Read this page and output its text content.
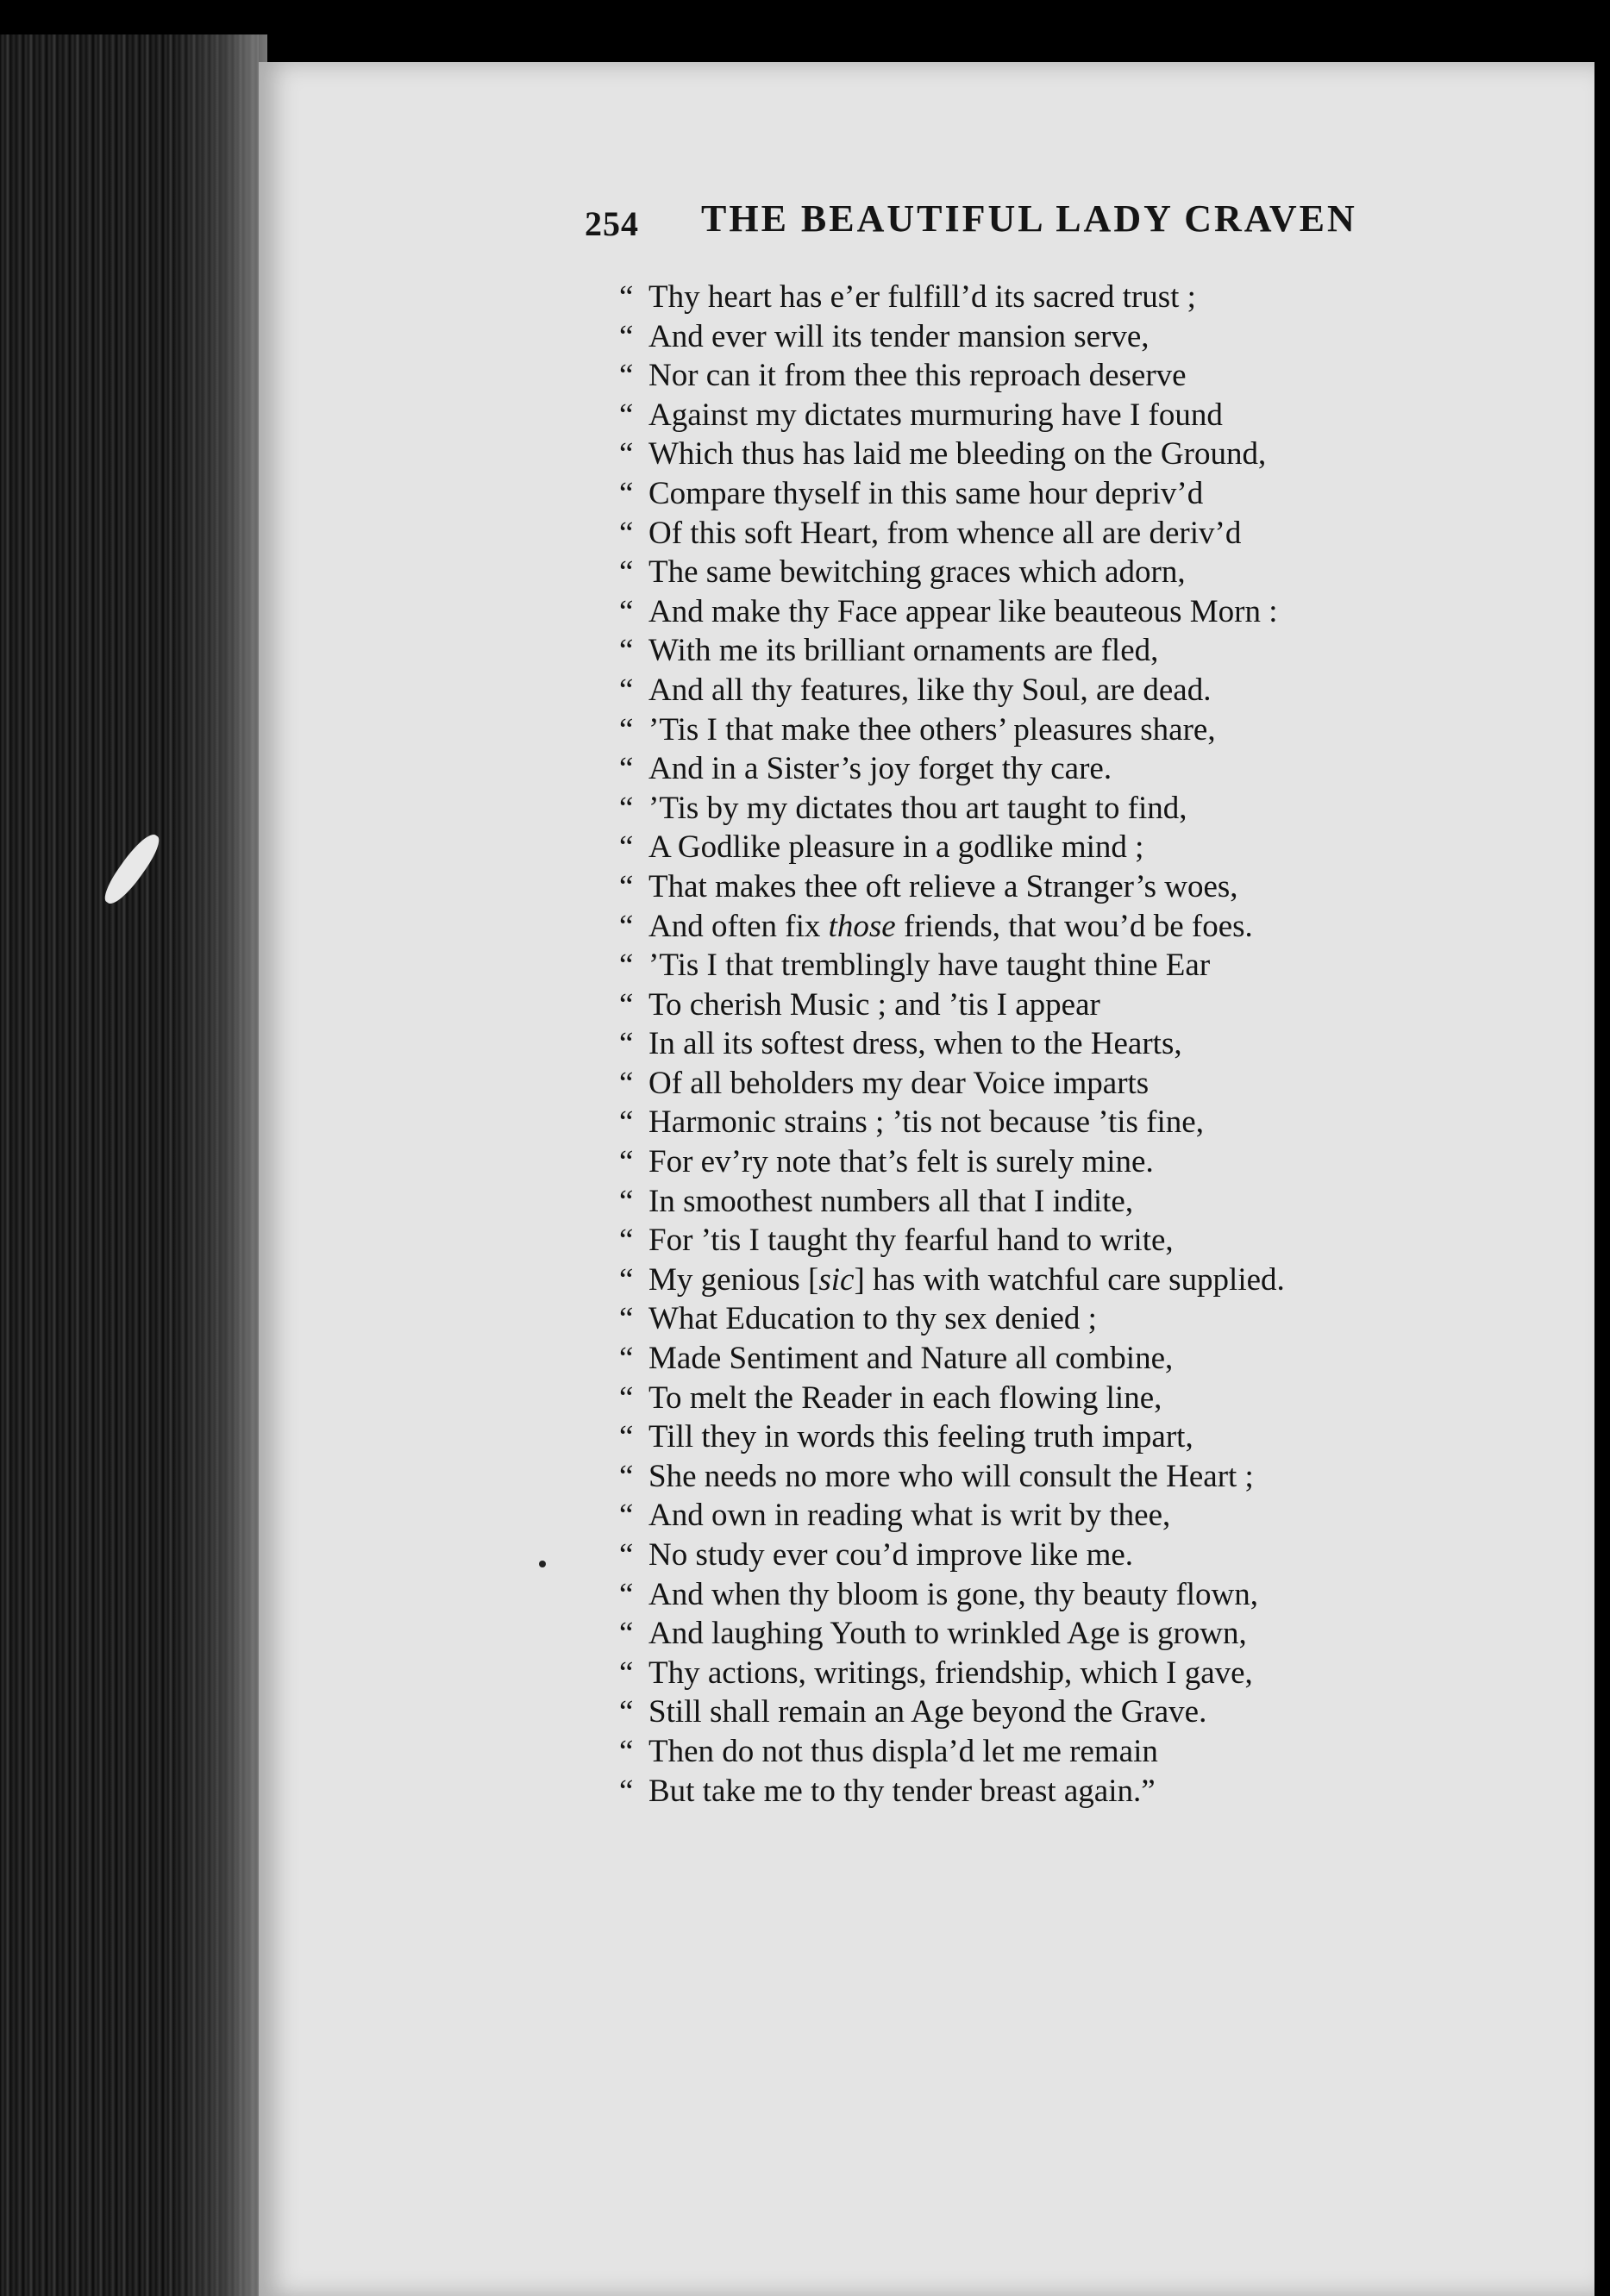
254 THE BEAUTIFUL LADY CRAVEN
“ Thy heart has e’er fulfill’d its sacred trust ;
“ And ever will its tender mansion serve,
“ Nor can it from thee this reproach deserve
“ Against my dictates murmuring have I found
“ Which thus has laid me bleeding on the Ground,
“ Compare thyself in this same hour depriv’d
“ Of this soft Heart, from whence all are deriv’d
“ The same bewitching graces which adorn,
“ And make thy Face appear like beauteous Morn :
“ With me its brilliant ornaments are fled,
“ And all thy features, like thy Soul, are dead.
“ ’Tis I that make thee others’ pleasures share,
“ And in a Sister’s joy forget thy care.
“ ’Tis by my dictates thou art taught to find,
“ A Godlike pleasure in a godlike mind ;
“ That makes thee oft relieve a Stranger’s woes,
“ And often fix those friends, that wou’d be foes.
“ ’Tis I that tremblingly have taught thine Ear
“ To cherish Music ; and ’tis I appear
“ In all its softest dress, when to the Hearts,
“ Of all beholders my dear Voice imparts
“ Harmonic strains ; ’tis not because ’tis fine,
“ For ev’ry note that’s felt is surely mine.
“ In smoothest numbers all that I indite,
“ For ’tis I taught thy fearful hand to write,
“ My genious [sic] has with watchful care supplied.
“ What Education to thy sex denied ;
“ Made Sentiment and Nature all combine,
“ To melt the Reader in each flowing line,
“ Till they in words this feeling truth impart,
“ She needs no more who will consult the Heart ;
“ And own in reading what is writ by thee,
“ No study ever cou’d improve like me.
“ And when thy bloom is gone, thy beauty flown,
“ And laughing Youth to wrinkled Age is grown,
“ Thy actions, writings, friendship, which I gave,
“ Still shall remain an Age beyond the Grave.
“ Then do not thus displa’d let me remain
“ But take me to thy tender breast again.”
